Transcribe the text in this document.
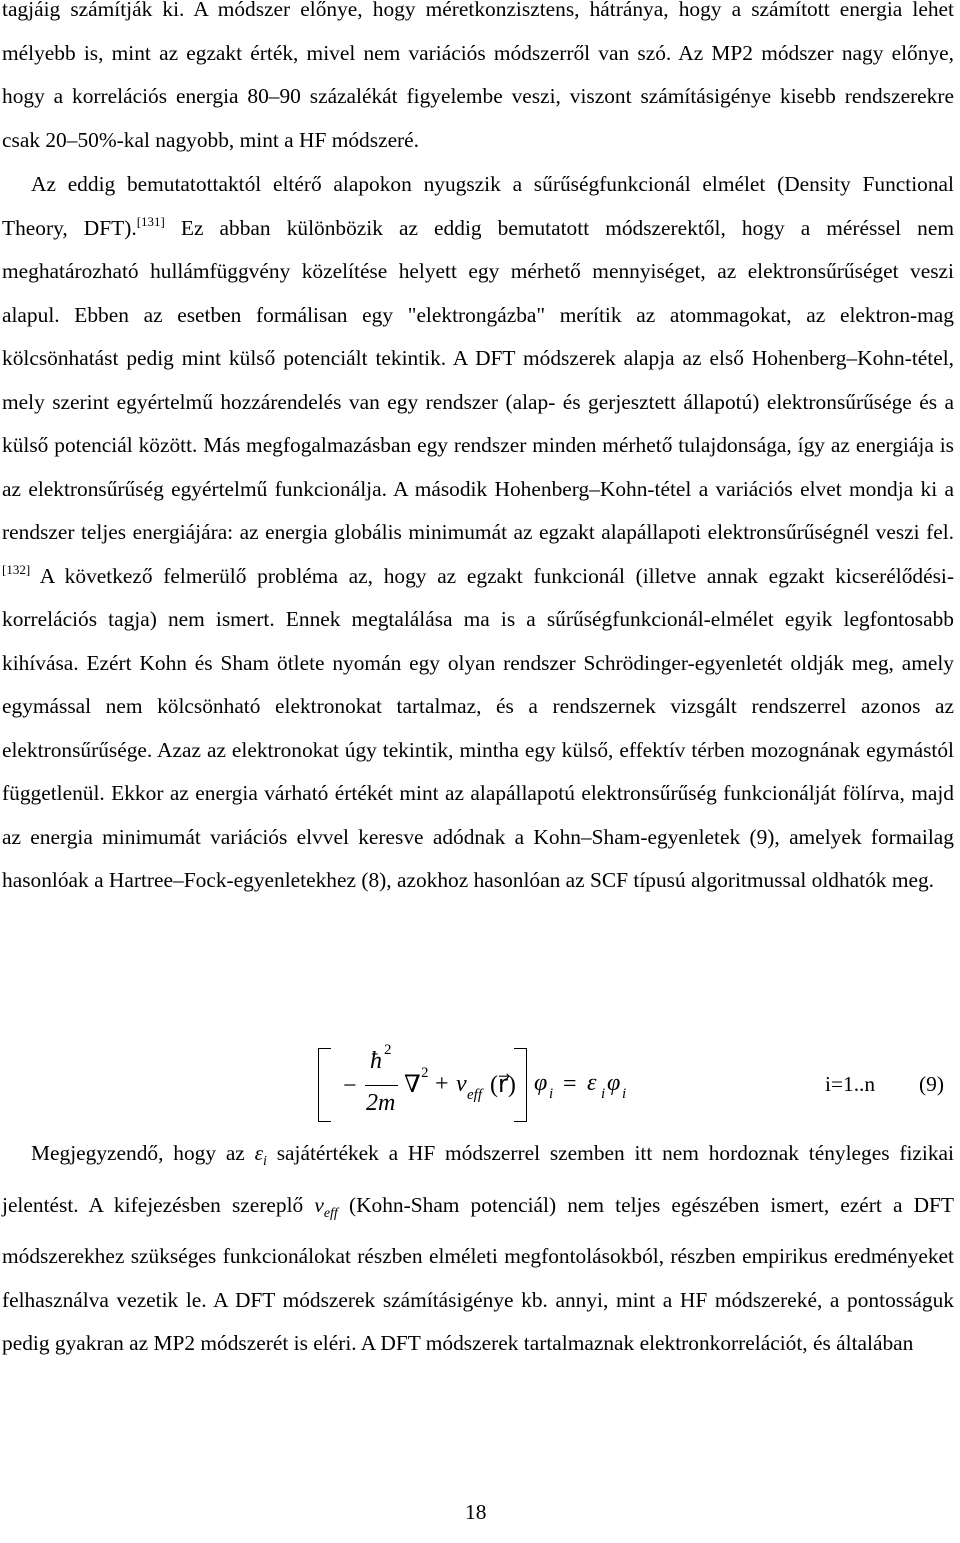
tagjáig számítják ki. A módszer előnye, hogy méretkonzisztens, hátránya, hogy a számított energia lehet mélyebb is, mint az egzakt érték, mivel nem variációs módszerről van szó. Az MP2 módszer nagy előnye, hogy a korrelációs energia 80–90 százalékát figyelembe veszi, viszont számításigénye kisebb rendszerekre csak 20–50%-kal nagyobb, mint a HF módszeré.

Az eddig bemutatottaktól eltérő alapokon nyugszik a sűrűségfunkcionál elmélet (Density Functional Theory, DFT).[131] Ez abban különbözik az eddig bemutatott módszerektől, hogy a méréssel nem meghatározható hullámfüggvény közelítése helyett egy mérhető mennyiséget, az elektronsűrűséget veszi alapul. Ebben az esetben formálisan egy "elektrongázba" merítik az atommagokat, az elektron-mag kölcsönhatást pedig mint külső potenciált tekintik. A DFT módszerek alapja az első Hohenberg–Kohn-tétel, mely szerint egyértelmű hozzárendelés van egy rendszer (alap- és gerjesztett állapotú) elektronsűrűsége és a külső potenciál között. Más megfogalmazásban egy rendszer minden mérhető tulajdonsága, így az energiája is az elektronsűrűség egyértelmű funkcionálja. A második Hohenberg–Kohn-tétel a variációs elvet mondja ki a rendszer teljes energiájára: az energia globális minimumát az egzakt alapállapoti elektronsűrűségnél veszi fel.[132] A következő felmerülő probléma az, hogy az egzakt funkcionál (illetve annak egzakt kicserélődési-korrelációs tagja) nem ismert. Ennek megtalálása ma is a sűrűségfunkcionál-elmélet egyik legfontosabb kihívása. Ezért Kohn és Sham ötlete nyomán egy olyan rendszer Schrödinger-egyenletét oldják meg, amely egymással nem kölcsönható elektronokat tartalmaz, és a rendszernek vizsgált rendszerrel azonos az elektronsűrűsége. Azaz az elektronokat úgy tekintik, mintha egy külső, effektív térben mozognának egymástól függetlenül. Ekkor az energia várható értékét mint az alapállapotú elektronsűrűség funkcionálját fölírva, majd az energia minimumát variációs elvvel keresve adódnak a Kohn–Sham-egyenletek (9), amelyek formailag hasonlóak a Hartree–Fock-egyenletekhez (8), azokhoz hasonlóan az SCF típusú algoritmussal oldhatók meg.

−
ħ 2
2m
∇ 2 + v eff (r⃗) φ i = ε i φ i	i=1..n (9)

Megjegyzendő, hogy az $\varepsilon_i$ sajátértékek a HF módszerrel szemben itt nem hordoznak tényleges fizikai jelentést. A kifejezésben szereplő $v_{eff}$ (Kohn-Sham potenciál) nem teljes egészében ismert, ezért a DFT módszerekhez szükséges funkcionálokat részben elméleti megfontolásokból, részben empirikus eredményeket felhasználva vezetik le. A DFT módszerek számításigénye kb. annyi, mint a HF módszereké, a pontosságuk pedig gyakran az MP2 módszerét is eléri. A DFT módszerek tartalmaznak elektronkorrelációt, és általában

18
